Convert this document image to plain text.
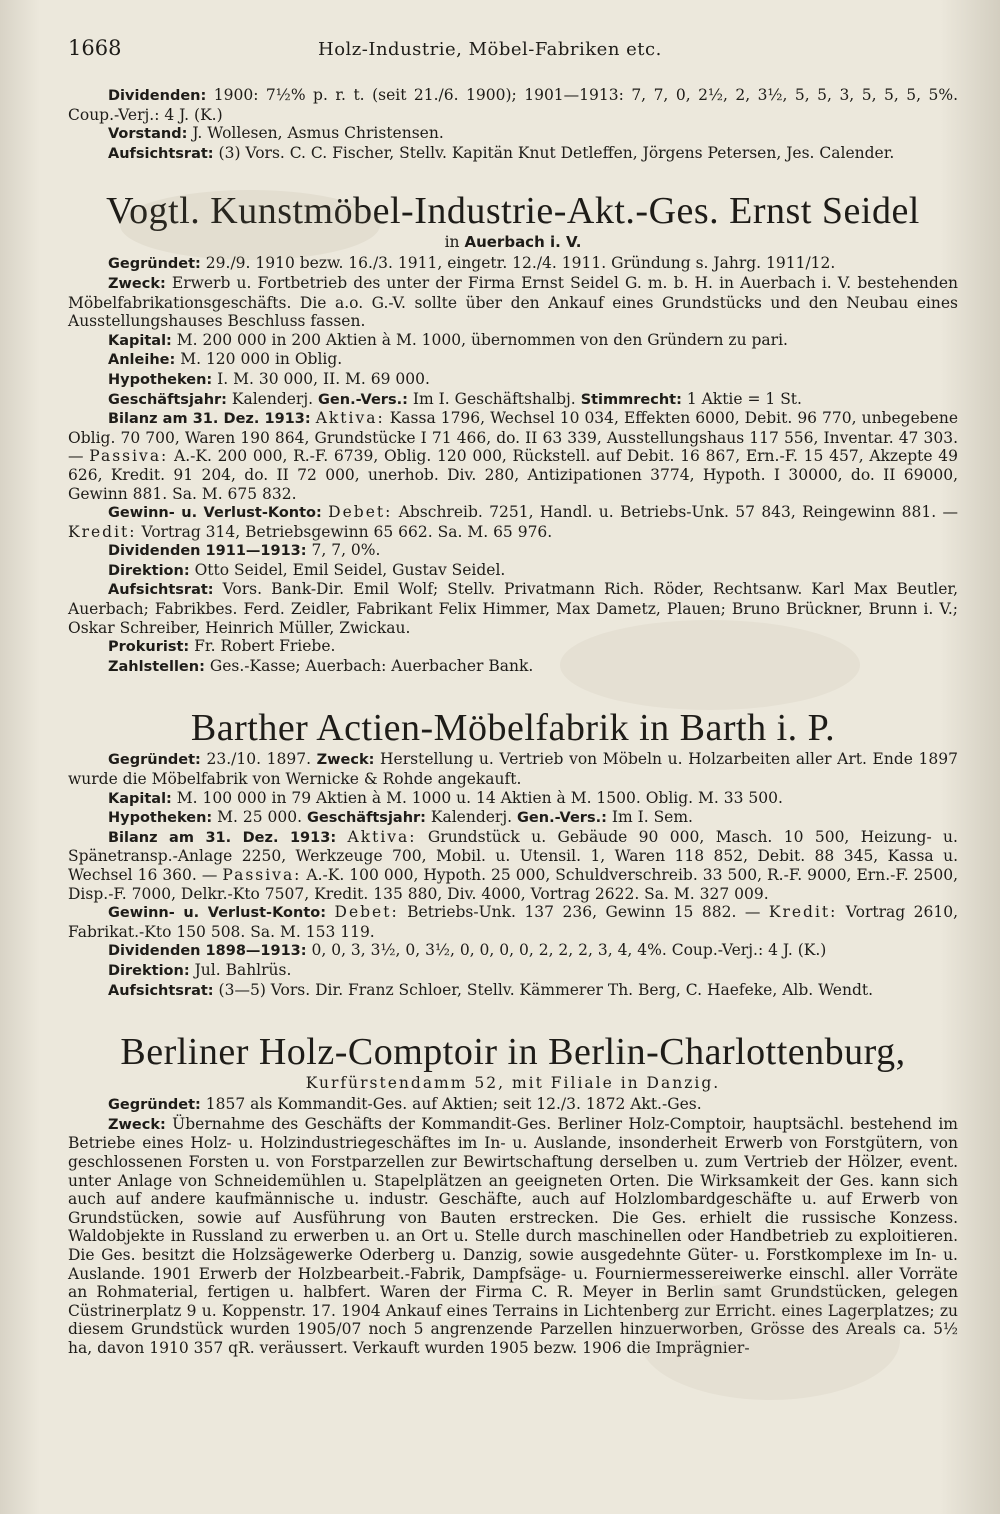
1668	Holz-Industrie, Möbel-Fabriken etc.

Dividenden: 1900: 7½% p. r. t. (seit 21./6. 1900); 1901—1913: 7, 7, 0, 2½, 2, 3½, 5, 5, 3, 5, 5, 5, 5%. Coup.-Verj.: 4 J. (K.)

Vorstand: J. Wollesen, Asmus Christensen.

Aufsichtsrat: (3) Vors. C. C. Fischer, Stellv. Kapitän Knut Detleffen, Jörgens Petersen, Jes. Calender.

Vogtl. Kunstmöbel-Industrie-Akt.-Ges. Ernst Seidel
in Auerbach i. V.

Gegründet: 29./9. 1910 bezw. 16./3. 1911, eingetr. 12./4. 1911. Gründung s. Jahrg. 1911/12.

Zweck: Erwerb u. Fortbetrieb des unter der Firma Ernst Seidel G. m. b. H. in Auerbach i. V. bestehenden Möbelfabrikationsgeschäfts. Die a.o. G.-V. sollte über den Ankauf eines Grundstücks und den Neubau eines Ausstellungshauses Beschluss fassen.

Kapital: M. 200 000 in 200 Aktien à M. 1000, übernommen von den Gründern zu pari.

Anleihe: M. 120 000 in Oblig.

Hypotheken: I. M. 30 000, II. M. 69 000.

Geschäftsjahr: Kalenderj. Gen.-Vers.: Im I. Geschäftshalbj. Stimmrecht: 1 Aktie = 1 St.

Bilanz am 31. Dez. 1913: Aktiva: Kassa 1796, Wechsel 10 034, Effekten 6000, Debit. 96 770, unbegebene Oblig. 70 700, Waren 190 864, Grundstücke I 71 466, do. II 63 339, Ausstellungshaus 117 556, Inventar. 47 303. — Passiva: A.-K. 200 000, R.-F. 6739, Oblig. 120 000, Rückstell. auf Debit. 16 867, Ern.-F. 15 457, Akzepte 49 626, Kredit. 91 204, do. II 72 000, unerhob. Div. 280, Antizipationen 3774, Hypoth. I 30000, do. II 69000, Gewinn 881. Sa. M. 675 832.

Gewinn- u. Verlust-Konto: Debet: Abschreib. 7251, Handl. u. Betriebs-Unk. 57 843, Reingewinn 881. — Kredit: Vortrag 314, Betriebsgewinn 65 662. Sa. M. 65 976.

Dividenden 1911—1913: 7, 7, 0%.

Direktion: Otto Seidel, Emil Seidel, Gustav Seidel.

Aufsichtsrat: Vors. Bank-Dir. Emil Wolf; Stellv. Privatmann Rich. Röder, Rechtsanw. Karl Max Beutler, Auerbach; Fabrikbes. Ferd. Zeidler, Fabrikant Felix Himmer, Max Dametz, Plauen; Bruno Brückner, Brunn i. V.; Oskar Schreiber, Heinrich Müller, Zwickau.

Prokurist: Fr. Robert Friebe.

Zahlstellen: Ges.-Kasse; Auerbach: Auerbacher Bank.

Barther Actien-Möbelfabrik in Barth i. P.

Gegründet: 23./10. 1897. Zweck: Herstellung u. Vertrieb von Möbeln u. Holzarbeiten aller Art. Ende 1897 wurde die Möbelfabrik von Wernicke & Rohde angekauft.

Kapital: M. 100 000 in 79 Aktien à M. 1000 u. 14 Aktien à M. 1500. Oblig. M. 33 500.

Hypotheken: M. 25 000. Geschäftsjahr: Kalenderj. Gen.-Vers.: Im I. Sem.

Bilanz am 31. Dez. 1913: Aktiva: Grundstück u. Gebäude 90 000, Masch. 10 500, Heizung- u. Spänetransp.-Anlage 2250, Werkzeuge 700, Mobil. u. Utensil. 1, Waren 118 852, Debit. 88 345, Kassa u. Wechsel 16 360. — Passiva: A.-K. 100 000, Hypoth. 25 000, Schuldverschreib. 33 500, R.-F. 9000, Ern.-F. 2500, Disp.-F. 7000, Delkr.-Kto 7507, Kredit. 135 880, Div. 4000, Vortrag 2622. Sa. M. 327 009.

Gewinn- u. Verlust-Konto: Debet: Betriebs-Unk. 137 236, Gewinn 15 882. — Kredit: Vortrag 2610, Fabrikat.-Kto 150 508. Sa. M. 153 119.

Dividenden 1898—1913: 0, 0, 3, 3½, 0, 3½, 0, 0, 0, 0, 2, 2, 2, 3, 4, 4%. Coup.-Verj.: 4 J. (K.)

Direktion: Jul. Bahlrüs.

Aufsichtsrat: (3—5) Vors. Dir. Franz Schloer, Stellv. Kämmerer Th. Berg, C. Haefeke, Alb. Wendt.

Berliner Holz-Comptoir in Berlin-Charlottenburg,
Kurfürstendamm 52, mit Filiale in Danzig.

Gegründet: 1857 als Kommandit-Ges. auf Aktien; seit 12./3. 1872 Akt.-Ges.

Zweck: Übernahme des Geschäfts der Kommandit-Ges. Berliner Holz-Comptoir, hauptsächl. bestehend im Betriebe eines Holz- u. Holzindustriegeschäftes im In- u. Auslande, insonderheit Erwerb von Forstgütern, von geschlossenen Forsten u. von Forstparzellen zur Bewirtschaftung derselben u. zum Vertrieb der Hölzer, event. unter Anlage von Schneidemühlen u. Stapelplätzen an geeigneten Orten. Die Wirksamkeit der Ges. kann sich auch auf andere kaufmännische u. industr. Geschäfte, auch auf Holzlombardgeschäfte u. auf Erwerb von Grundstücken, sowie auf Ausführung von Bauten erstrecken. Die Ges. erhielt die russische Konzess. Waldobjekte in Russland zu erwerben u. an Ort u. Stelle durch maschinellen oder Handbetrieb zu exploitieren. Die Ges. besitzt die Holzsägewerke Oderberg u. Danzig, sowie ausgedehnte Güter- u. Forstkomplexe im In- u. Auslande. 1901 Erwerb der Holzbearbeit.-Fabrik, Dampfsäge- u. Fourniermessereiwerke einschl. aller Vorräte an Rohmaterial, fertigen u. halbfert. Waren der Firma C. R. Meyer in Berlin samt Grundstücken, gelegen Cüstrinerplatz 9 u. Koppenstr. 17. 1904 Ankauf eines Terrains in Lichtenberg zur Erricht. eines Lagerplatzes; zu diesem Grundstück wurden 1905/07 noch 5 angrenzende Parzellen hinzuerworben, Grösse des Areals ca. 5½ ha, davon 1910 357 qR. veräussert. Verkauft wurden 1905 bezw. 1906 die Imprägnier-
